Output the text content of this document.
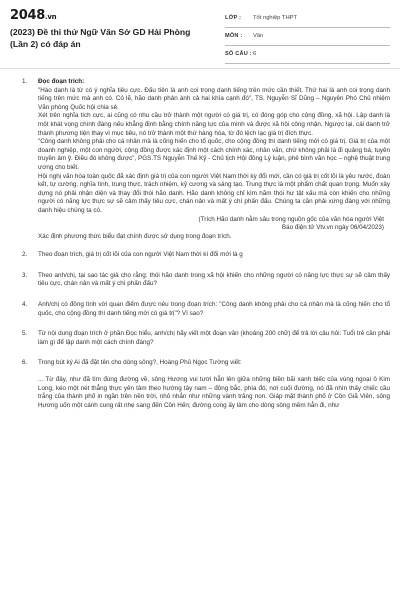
2048.vn
(2023) Đề thi thử Ngữ Văn Sở GD Hải Phòng (Lần 2) có đáp án
LỚP : Tốt nghiệp THPT
MÔN : Văn
SỐ CÂU : 6
1. Đọc đoạn trích:
"Hào danh là từ có ý nghĩa tiêu cực. Đấu tiên là anh coi trọng danh tiếng trên mức cần thiết. Thứ hai là anh coi trọng danh tiếng trên mức mà anh có. Có lẽ, hão danh phản ánh cả hai khía cạnh đó", TS. Nguyễn Sĩ Dũng – Nguyên Phó Chủ nhiệm Văn phòng Quốc hội chia sẻ.
Xét trên nghĩa tích cực, ai cũng có nhu cầu trở thành một người có giá trị, có đóng góp cho cộng đồng, xã hội. Lập danh là một khát vọng chính đáng nếu khẳng định bằng chính năng lực của mình và được xã hội công nhận. Ngược lại, cái danh trở thành phương tiện thay vì mục tiêu, nó trở thành một thứ hàng hóa, từ đó lệch lạc giá trị đích thực.
"Công danh không phải cho cá nhân mà là cống hiến cho tổ quốc, cho cộng đồng thì danh tiếng mới có giá trị. Giá trị của một doanh nghiệp, một con người, cộng đồng được xác định một cách chính xác, nhân văn, chứ không phải là đi quảng bá, tuyên truyền ảm ỹ. Điều đó không được", PGS.TS Nguyễn Thế Kỷ - Chủ tịch Hội đồng Lý luận, phê bình văn học – nghệ thuật trung ương cho biết.
Hội nghị văn hóa toàn quốc đã xác định giá trị của con người Việt Nam thời kỳ đổi mới, cần có giá trị cốt lõi là yêu nước, đoàn kết, tự cường, nghĩa tình, trung thực, trách nhiệm, kỷ cương và sáng tạo. Trung thực là một phẩm chất quan trọng. Muốn xây dựng nó phải nhận diện và thay đổi thói hão danh. Hão danh không chỉ kìm hãm thói hư tật xấu mà còn khiến cho những người có năng lực thực sự sẽ cảm thấy tiêu cực, chán nản và mất ý chí phấn đấu. Chúng ta cần phải xứng đáng với những danh hiệu chúng ta có.
(Trích Hão danh nằm sâu trong nguồn gốc của văn hóa người Việt
Báo điện tử Vtv.vn ngày 06/04/2023)
Xác định phương thức biểu đạt chính được sử dụng trong đoạn trích.
2. Theo đoạn trích, giá trị cốt lõi của con người Việt Nam thời kì đổi mới là g
3. Theo anh/chị, tại sao tác giả cho rằng: thói hão danh trong xã hội khiến cho những người có năng lực thực sự sẽ cảm thấy tiêu cực, chán nản và mất ý chí phấn đấu?
4. Anh/chị có đồng tình với quan điểm được nêu trong đoạn trích: "Công danh không phải cho cá nhân mà là cống hiến cho tổ quốc, cho cộng đồng thì danh tiếng mới có giá trị"? Vì sao?
5. Từ nội dung đoạn trích ở phần Đọc hiểu, anh/chị hãy viết một đoạn văn (khoảng 200 chữ) để trả lời câu hỏi: Tuổi trẻ cần phải làm gì để lập danh một cách chính đáng?
6. Trong bút ký Ai đã đặt tên cho dòng sông?, Hoàng Phủ Ngọc Tường viết:
... Từ đây, như đã tìm đúng đường về, sông Hương vui tươi hẳn lên giữa những biền bãi xanh biếc của vùng ngoại ô Kim Long, kéo một nét thẳng thực yên tâm theo hướng tây nam – đông bắc, phía đó, nơi cuối đường, nó đã nhìn thấy chiếc cầu trắng của thành phố in ngần trên nền trời, nhỏ nhắn như những vành trăng non. Giáp mặt thành phố ở Cồn Giã Viên, sông Hương uốn một cánh cung rất nhẹ sang đến Cồn Hến; đường cong ấy làm cho dòng sông mềm hẳn đi, như
